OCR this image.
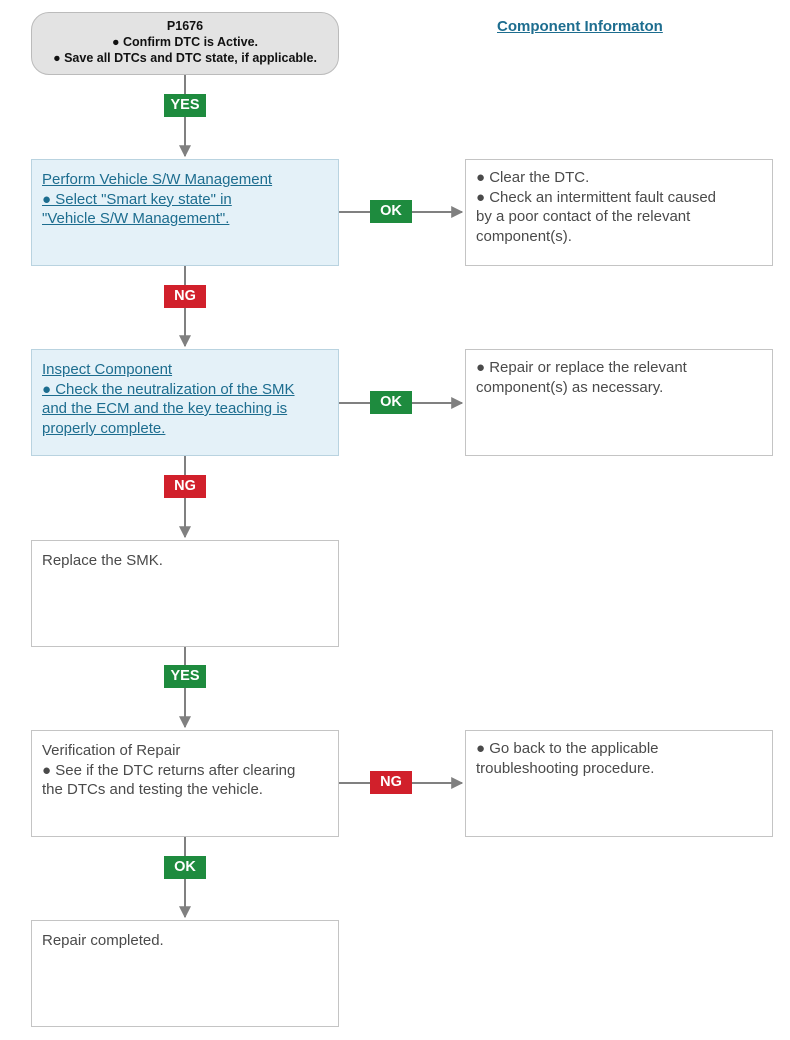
P1676
● Confirm DTC is Active.
● Save all DTCs and DTC state, if applicable.
Component Informaton
YES
Perform Vehicle S/W Management
● Select "Smart key state" in
"Vehicle S/W Management".	OK
● Clear the DTC.
● Check an intermittent fault caused
by a poor contact of the relevant
component(s).
NG
Inspect Component
● Check the neutralization of the SMK
and the ECM and the key teaching is
properly complete.
OK
● Repair or replace the relevant
component(s) as necessary.
NG
Replace the SMK.
YES
Verification of Repair
● See if the DTC returns after clearing
the DTCs and testing the vehicle.	NG
● Go back to the applicable
troubleshooting procedure.
OK
Repair completed.
